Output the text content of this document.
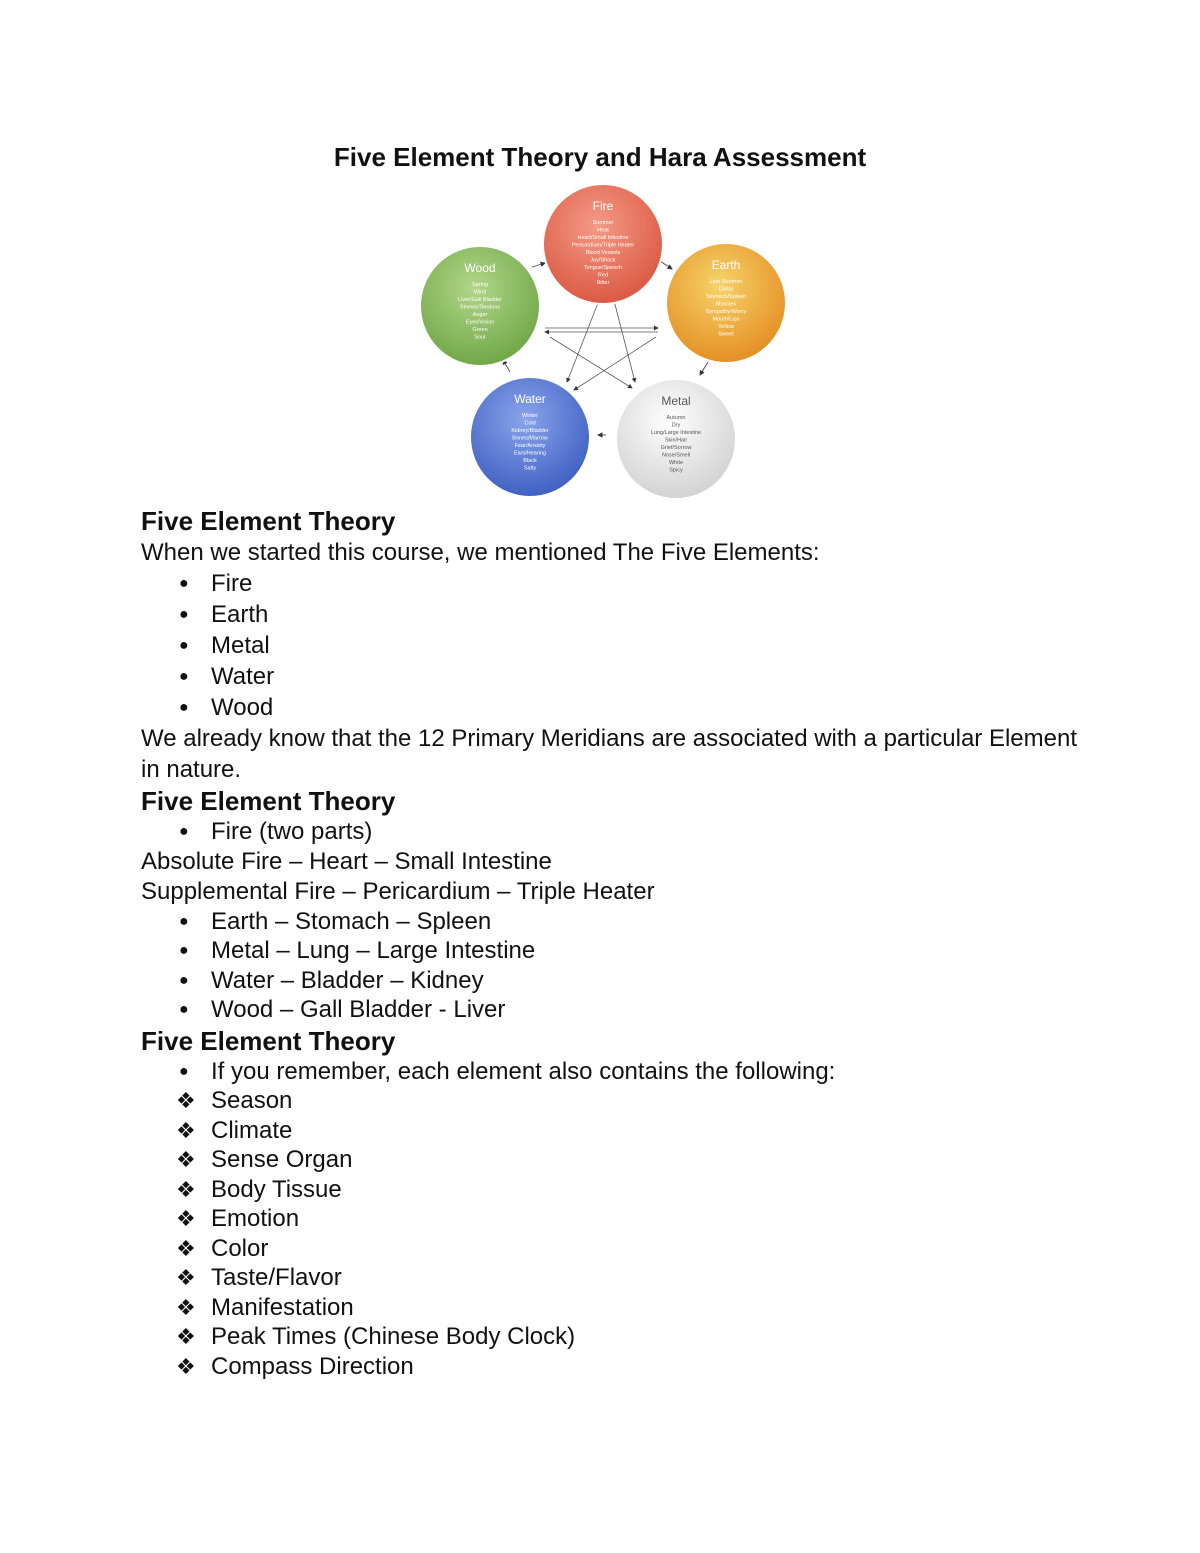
Five Element Theory and Hara Assessment
Fire
Summer
Heat
Heart/Small Intestine
Pericardium/Triple Heater
Blood Vessels
Joy/Shock
Tongue/Speech
Red
Bitter
Earth
Late Summer
Damp
Stomach/Spleen
Muscles
Sympathy/Worry
Mouth/Lips
Yellow
Sweet
Metal
Autumn
Dry
Lung/Large Intestine
Skin/Hair
Grief/Sorrow
Nose/Smell
White
Spicy
Water
Winter
Cold
Kidney/Bladder
Bones/Marrow
Fear/Anxiety
Ears/Hearing
Black
Salty
Wood
Spring
Wind
Liver/Gall Bladder
Sinews/Tendons
Anger
Eyes/Vision
Green
Sour

Five Element Theory

When we started this course, we mentioned The Five Elements:

● Fire
● Earth
● Metal
● Water
● Wood

We already know that the 12 Primary Meridians are associated with a particular Element in nature.

Five Element Theory

● Fire (two parts)

Absolute Fire – Heart – Small Intestine

Supplemental Fire – Pericardium – Triple Heater

● Earth – Stomach – Spleen
● Metal – Lung – Large Intestine
● Water – Bladder – Kidney
● Wood – Gall Bladder - Liver

Five Element Theory

● If you remember, each element also contains the following:
❖ Season
❖ Climate
❖ Sense Organ
❖ Body Tissue
❖ Emotion
❖ Color
❖ Taste/Flavor
❖ Manifestation
❖ Peak Times (Chinese Body Clock)
❖ Compass Direction
